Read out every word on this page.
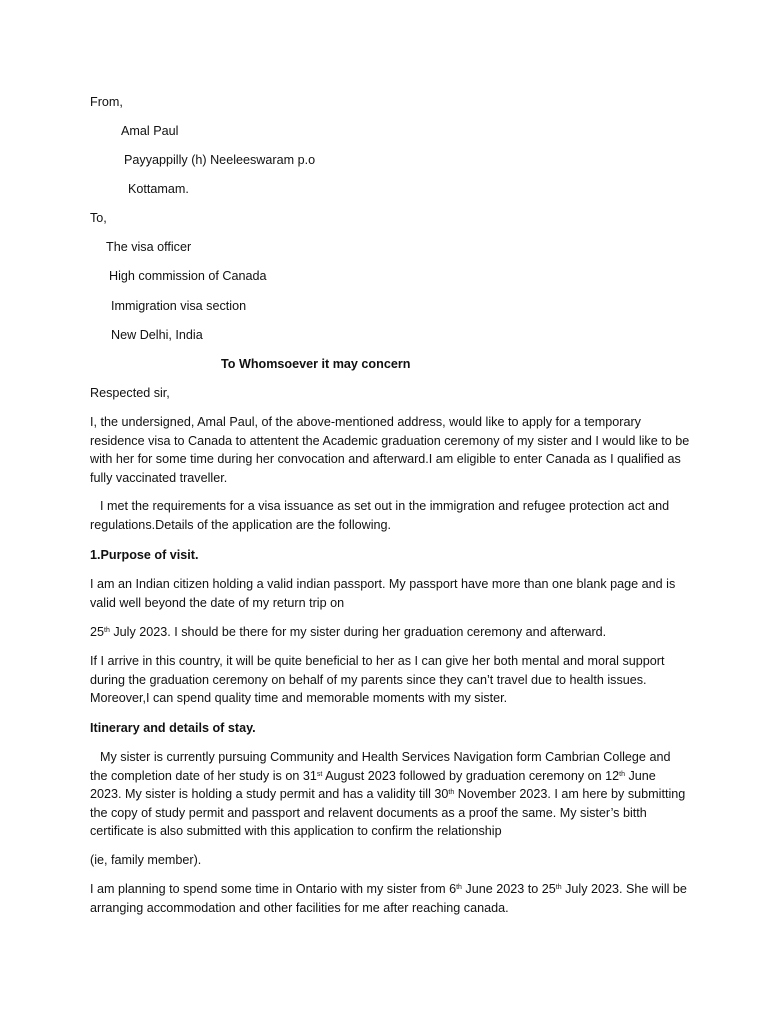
From,

Amal Paul

Payyappilly (h) Neeleeswaram p.o

Kottamam.

To,

The visa officer

High commission of Canada

Immigration visa section

New Delhi, India

To Whomsoever it may concern

Respected sir,

I, the undersigned, Amal Paul, of the above-mentioned address, would like to apply for a temporary residence visa to Canada to attentent the Academic graduation ceremony of my sister and I would like to be with her for some time during her convocation and afterward.I am eligible to enter Canada as I qualified as fully vaccinated traveller.

I met the requirements for a visa issuance as set out in the immigration and refugee protection act and regulations.Details of the application are the following.

1.Purpose of visit.

I am an Indian citizen holding a valid indian passport. My passport have more than one blank page and is valid well beyond the date of my return trip on

25th July 2023. I should be there for my sister during her graduation ceremony and afterward.

If I arrive in this country, it will be quite beneficial to her as I can give her both mental and moral support during the graduation ceremony on behalf of my parents since they can’t travel due to health issues. Moreover,I can spend quality time and memorable moments with my sister.

Itinerary and details of stay.

My sister is currently pursuing Community and Health Services Navigation form Cambrian College and the completion date of her study is on 31st August 2023 followed by graduation ceremony on 12th June 2023. My sister is holding a study permit and has a validity till 30th November 2023. I am here by submitting the copy of study permit and passport and relavent documents as a proof the same. My sister’s bitth certificate is also submitted with this application to confirm the relationship

(ie, family member).

I am planning to spend some time in Ontario with my sister from 6th June 2023 to 25th July 2023. She will be arranging accommodation and other facilities for me after reaching canada.
